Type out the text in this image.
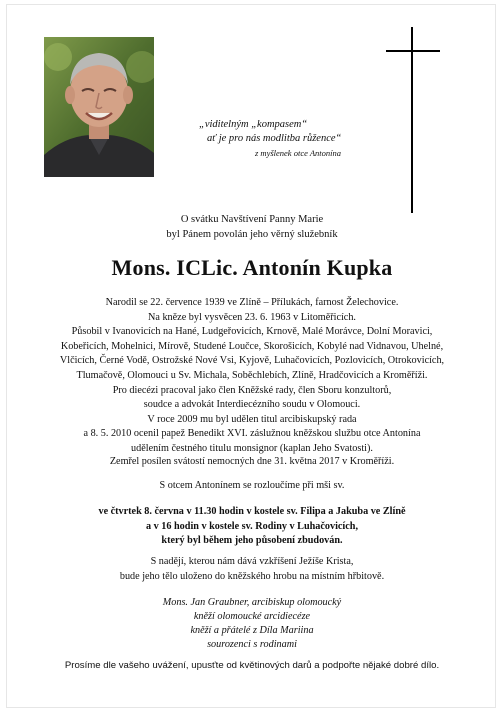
„viditelným „kompasem“
ať je pro nás modlitba růžence“
z myšlenek otce Antonína
O svátku Navštívení Panny Marie
byl Pánem povolán jeho věrný služebník
Mons. ICLic. Antonín Kupka
Narodil se 22. července 1939 ve Zlíně – Přílukách, farnost Želechovice.
Na kněze byl vysvěcen 23. 6. 1963 v Litoměřicích.
Působil v Ivanovicích na Hané, Ludgeřovicích, Krnově, Malé Morávce, Dolní Moravici,
Kobeřicích, Mohelnici, Mírově, Studené Loučce, Skorošicích, Kobylé nad Vidnavou, Uhelné,
Vlčicích, Černé Vodě, Ostrožské Nové Vsi, Kyjově, Luhačovicích, Pozlovicích, Otrokovicích,
Tlumačově, Olomouci u Sv. Michala, Soběchlebích, Zlíně, Hradčovicích a Kroměříži.
Pro diecézi pracoval jako člen Kněžské rady, člen Sboru konzultorů,
soudce a advokát Interdiecézního soudu v Olomouci.
V roce 2009 mu byl udělen titul arcibiskupský rada
a 8. 5. 2010 ocenil papež Benedikt XVI. záslužnou kněžskou službu otce Antonína
udělením čestného titulu monsignor (kaplan Jeho Svatosti).
Zemřel posílen svátostí nemocných dne 31. května 2017 v Kroměříži.
S otcem Antonínem se rozloučíme při mši sv.
ve čtvrtek 8. června v 11.30 hodin v kostele sv. Filipa a Jakuba ve Zlíně
a v 16 hodin v kostele sv. Rodiny v Luhačovicích,
který byl během jeho působení zbudován.
S nadějí, kterou nám dává vzkříšení Ježíše Krista,
bude jeho tělo uloženo do kněžského hrobu na místním hřbitově.
Mons. Jan Graubner, arcibiskup olomoucký
kněží olomoucké arcidiecéze
kněží a přátelé z Díla Mariina
sourozenci s rodinami
Prosíme dle vašeho uvážení, upusťte od květinových darů a podpořte nějaké dobré dílo.
